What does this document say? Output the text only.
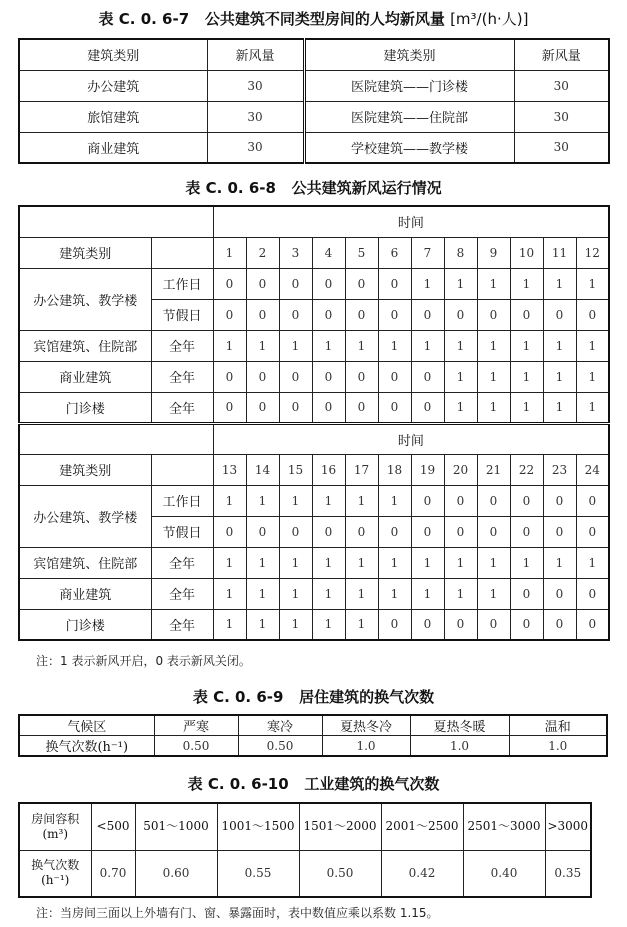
表 C. 0. 6-7 公共建筑不同类型房间的人均新风量 [m³/(h·人)]
建筑类别	新风量	建筑类别	新风量
办公建筑	30	医院建筑——门诊楼	30
旅馆建筑	30	医院建筑——住院部	30
商业建筑	30	学校建筑——教学楼	30
表 C. 0. 6-8 公共建筑新风运行情况
		时间											
建筑类别		1	2	3	4	5	6	7	8	9	10	11	12
办公建筑、教学楼	工作日	0	0	0	0	0	0	1	1	1	1	1	1
	节假日	0	0	0	0	0	0	0	0	0	0	0	0
宾馆建筑、住院部	全年	1	1	1	1	1	1	1	1	1	1	1	1
商业建筑	全年	0	0	0	0	0	0	0	1	1	1	1	1
门诊楼	全年	0	0	0	0	0	0	0	1	1	1	1	1
		时间											
建筑类别		13	14	15	16	17	18	19	20	21	22	23	24
办公建筑、教学楼	工作日	1	1	1	1	1	1	0	0	0	0	0	0
	节假日	0	0	0	0	0	0	0	0	0	0	0	0
宾馆建筑、住院部	全年	1	1	1	1	1	1	1	1	1	1	1	1
商业建筑	全年	1	1	1	1	1	1	1	1	1	0	0	0
门诊楼	全年	1	1	1	1	1	0	0	0	0	0	0	0
注：1 表示新风开启，0 表示新风关闭。
表 C. 0. 6-9 居住建筑的换气次数
气候区	严寒	寒冷	夏热冬冷	夏热冬暖	温和
换气次数(h⁻¹)	0.50	0.50	1.0	1.0	1.0
表 C. 0. 6-10 工业建筑的换气次数
房间容积
(m³)	<500	501～1000	1001～1500	1501～2000	2001～2500	2501～3000	>3000

换气次数
(h⁻¹)	0.70	0.60	0.55	0.50	0.42	0.40	0.35
注：当房间三面以上外墙有门、窗、暴露面时，表中数值应乘以系数 1.15。
